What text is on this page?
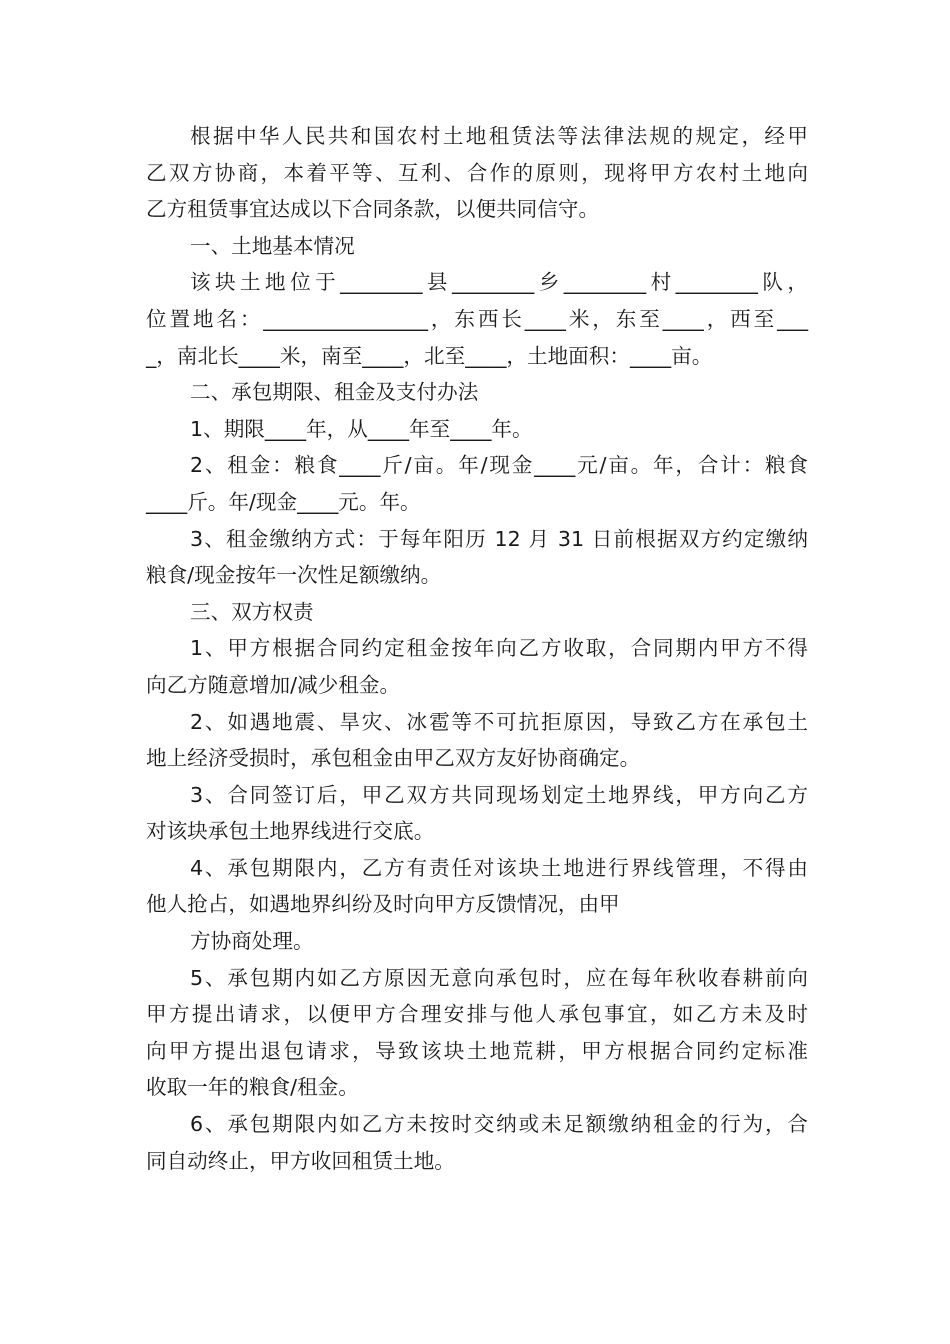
根据中华人民共和国农村土地租赁法等法律法规的规定，经甲
乙双方协商，本着平等、互利、合作的原则，现将甲方农村土地向
乙方租赁事宜达成以下合同条款，以便共同信守。
一、土地基本情况
该块土地位于________县________乡________村________队，
位置地名：________________，东西长____米，东至____，西至___
_，南北长____米，南至____，北至____，土地面积：____亩。
二、承包期限、租金及支付办法
1、期限____年，从____年至____年。
2、租金：粮食____斤/亩。年/现金____元/亩。年，合计：粮食
____斤。年/现金____元。年。
3、租金缴纳方式：于每年阳历 12 月 31 日前根据双方约定缴纳
粮食/现金按年一次性足额缴纳。
三、双方权责
1、甲方根据合同约定租金按年向乙方收取，合同期内甲方不得
向乙方随意增加/减少租金。
2、如遇地震、旱灾、冰雹等不可抗拒原因，导致乙方在承包土
地上经济受损时，承包租金由甲乙双方友好协商确定。
3、合同签订后，甲乙双方共同现场划定土地界线，甲方向乙方
对该块承包土地界线进行交底。
4、承包期限内，乙方有责任对该块土地进行界线管理，不得由
他人抢占，如遇地界纠纷及时向甲方反馈情况，由甲
方协商处理。
5、承包期内如乙方原因无意向承包时，应在每年秋收春耕前向
甲方提出请求，以便甲方合理安排与他人承包事宜，如乙方未及时
向甲方提出退包请求，导致该块土地荒耕，甲方根据合同约定标准
收取一年的粮食/租金。
6、承包期限内如乙方未按时交纳或未足额缴纳租金的行为，合
同自动终止，甲方收回租赁土地。
